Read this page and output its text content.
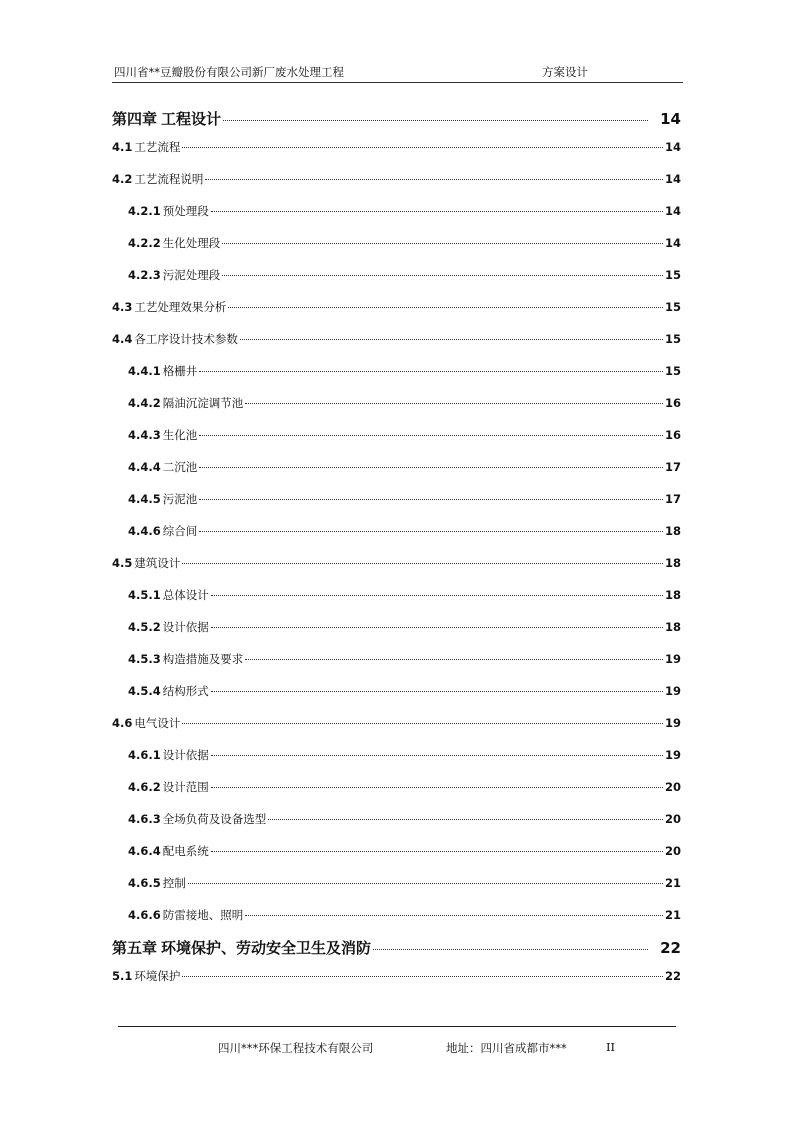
四川省**豆瓣股份有限公司新厂废水处理工程	方案设计
第四章 工程设计	14
4.1 工艺流程	14
4.2 工艺流程说明	14
4.2.1 预处理段	14
4.2.2 生化处理段	14
4.2.3 污泥处理段	15
4.3 工艺处理效果分析	15
4.4 各工序设计技术参数	15
4.4.1 格栅井	15
4.4.2 隔油沉淀调节池	16
4.4.3 生化池	16
4.4.4 二沉池	17
4.4.5 污泥池	17
4.4.6 综合间	18
4.5 建筑设计	18
4.5.1 总体设计	18
4.5.2 设计依据	18
4.5.3 构造措施及要求	19
4.5.4 结构形式	19
4.6 电气设计	19
4.6.1 设计依据	19
4.6.2 设计范围	20
4.6.3 全场负荷及设备选型	20
4.6.4 配电系统	20
4.6.5 控制	21
4.6.6 防雷接地、照明	21
第五章 环境保护、劳动安全卫生及消防	22
5.1 环境保护	22
四川***环保工程技术有限公司	地址：四川省成都市***	II
